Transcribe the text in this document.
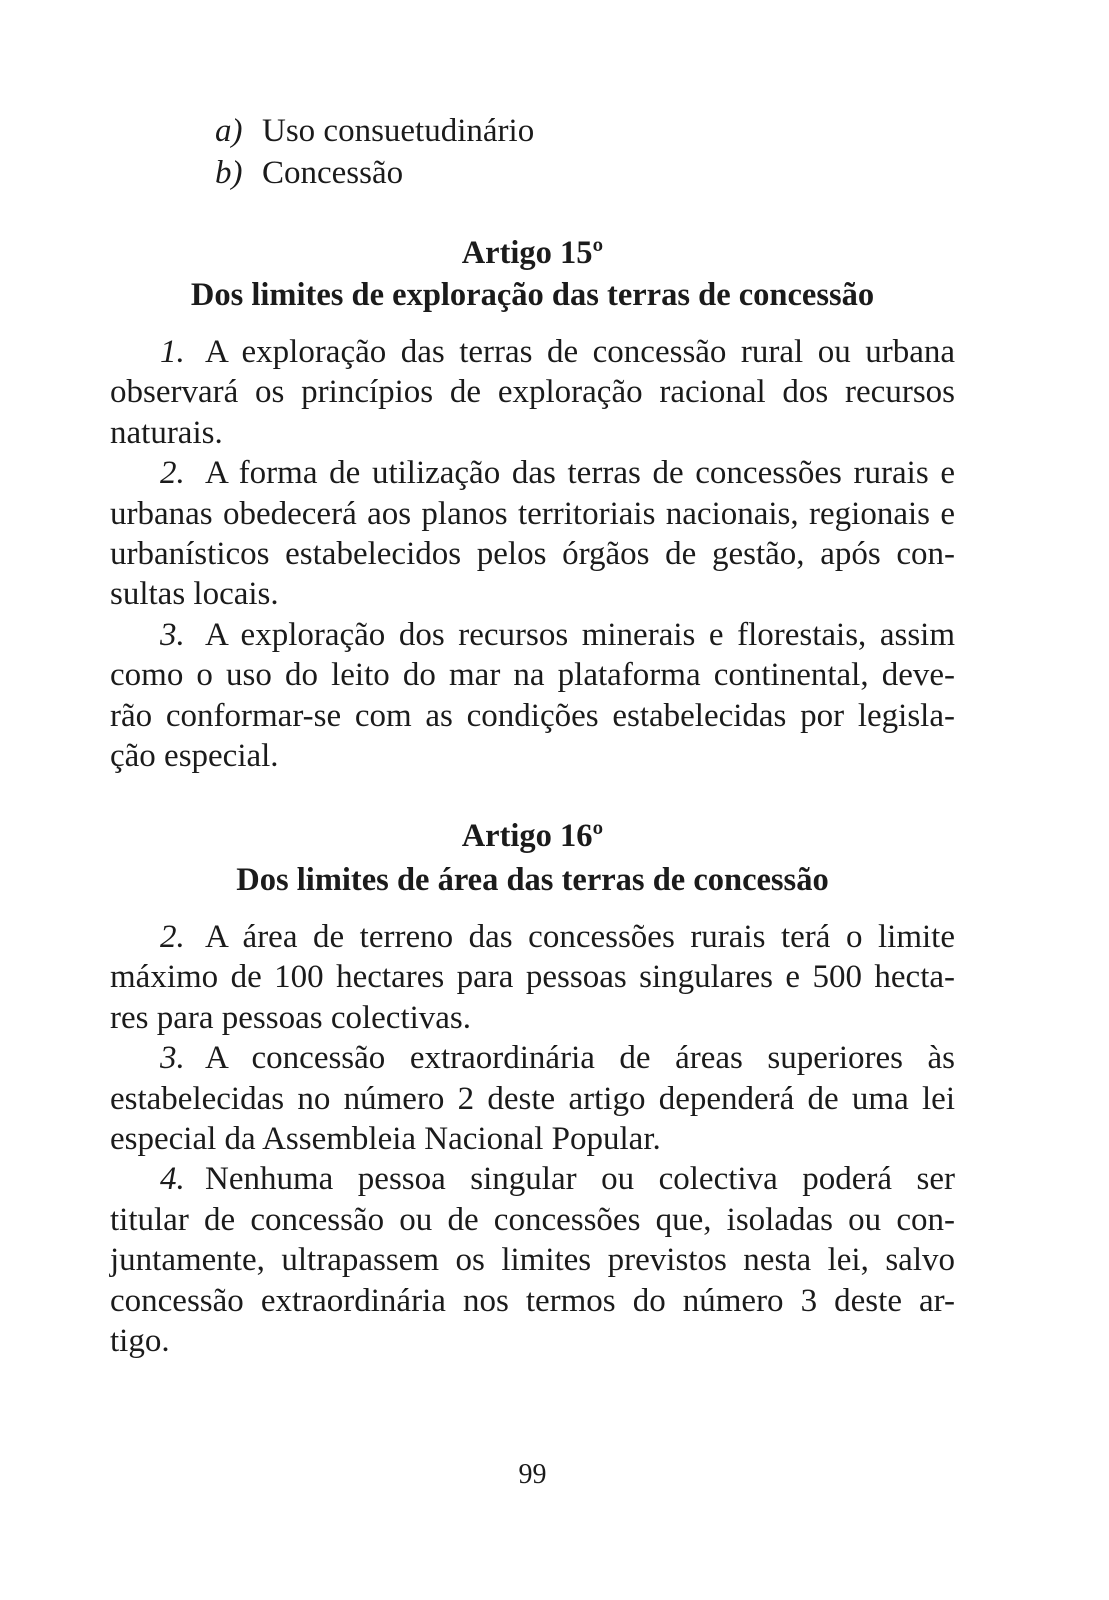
a) Uso consuetudinário
b) Concessão
Artigo 15º
Dos limites de exploração das terras de concessão
1. A exploração das terras de concessão rural ou urbana
observará os princípios de exploração racional dos recursos
naturais.
2. A forma de utilização das terras de concessões rurais e
urbanas obedecerá aos planos territoriais nacionais, regionais e
urbanísticos estabelecidos pelos órgãos de gestão, após con-
sultas locais.
3. A exploração dos recursos minerais e florestais, assim
como o uso do leito do mar na plataforma continental, deve-
rão conformar-se com as condições estabelecidas por legisla-
ção especial.
Artigo 16º
Dos limites de área das terras de concessão
2. A área de terreno das concessões rurais terá o limite
máximo de 100 hectares para pessoas singulares e 500 hecta-
res para pessoas colectivas.
3. A concessão extraordinária de áreas superiores às
estabelecidas no número 2 deste artigo dependerá de uma lei
especial da Assembleia Nacional Popular.
4. Nenhuma pessoa singular ou colectiva poderá ser
titular de concessão ou de concessões que, isoladas ou con-
juntamente, ultrapassem os limites previstos nesta lei, salvo
concessão extraordinária nos termos do número 3 deste ar-
tigo.
99
